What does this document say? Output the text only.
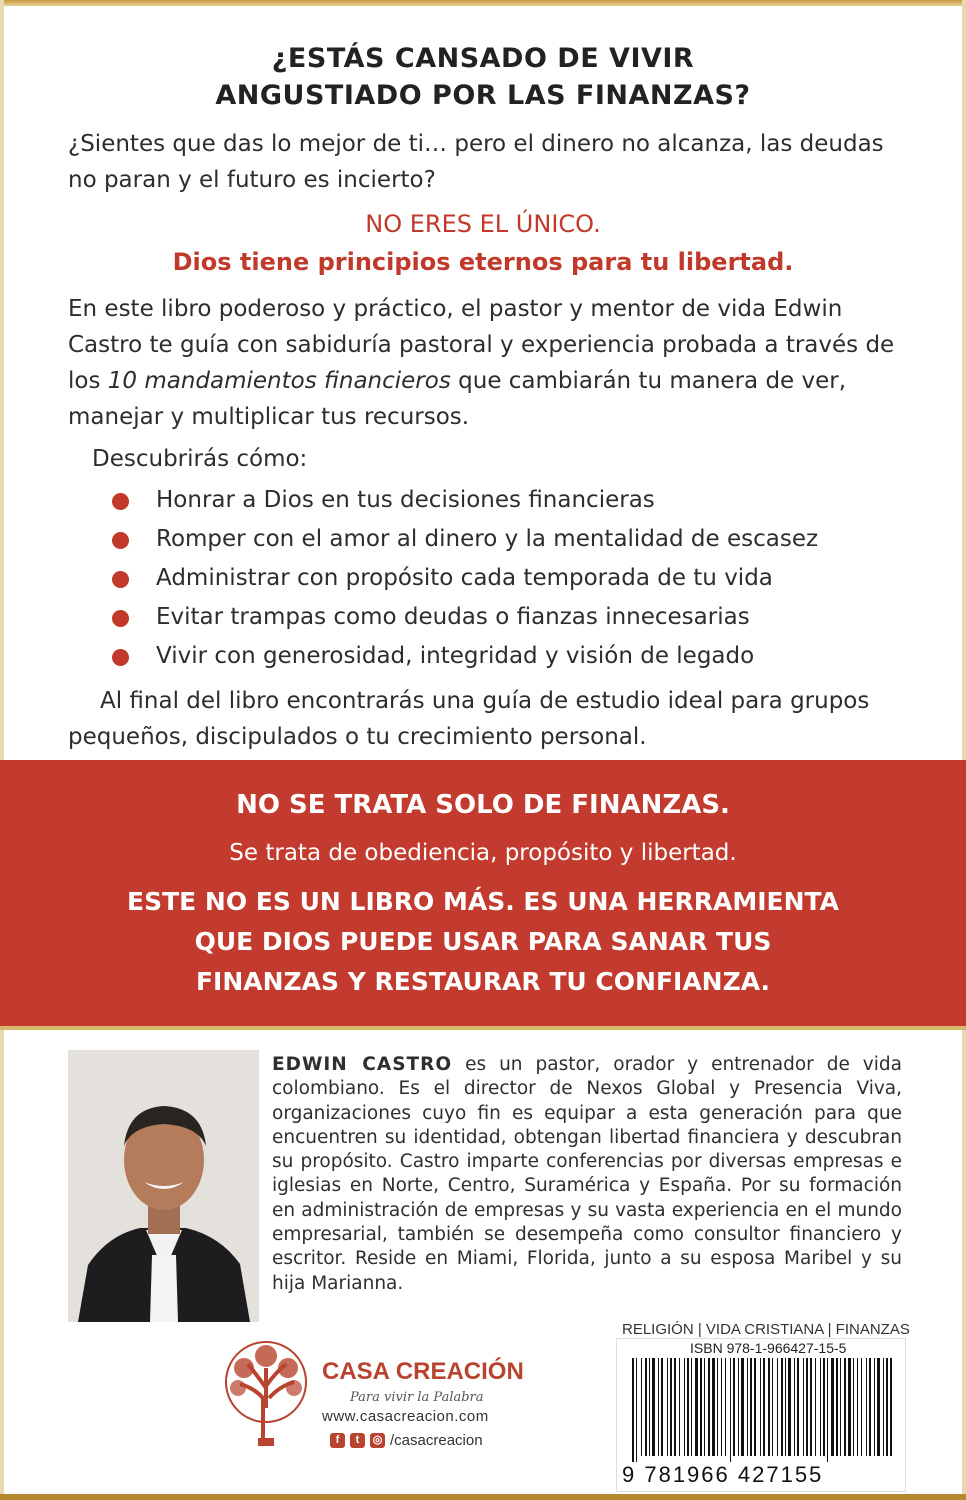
¿ESTÁS CANSADO DE VIVIR
ANGUSTIADO POR LAS FINANZAS?
¿Sientes que das lo mejor de ti… pero el dinero no alcanza, las deudas no paran y el futuro es incierto?
NO ERES EL ÚNICO.
Dios tiene principios eternos para tu libertad.
En este libro poderoso y práctico, el pastor y mentor de vida Edwin Castro te guía con sabiduría pastoral y experiencia probada a través de los 10 mandamientos financieros que cambiarán tu manera de ver, manejar y multiplicar tus recursos.
Descubrirás cómo:
Honrar a Dios en tus decisiones financieras
Romper con el amor al dinero y la mentalidad de escasez
Administrar con propósito cada temporada de tu vida
Evitar trampas como deudas o fianzas innecesarias
Vivir con generosidad, integridad y visión de legado
Al final del libro encontrarás una guía de estudio ideal para grupos pequeños, discipulados o tu crecimiento personal.
NO SE TRATA SOLO DE FINANZAS.
Se trata de obediencia, propósito y libertad.
ESTE NO ES UN LIBRO MÁS. ES UNA HERRAMIENTA
QUE DIOS PUEDE USAR PARA SANAR TUS
FINANZAS Y RESTAURAR TU CONFIANZA.
EDWIN CASTRO es un pastor, orador y entrenador de vida colombiano. Es el director de Nexos Global y Presencia Viva, organizaciones cuyo fin es equipar a esta generación para que encuentren su identidad, obtengan libertad financiera y descubran su propósito. Castro imparte conferencias por diversas empresas e iglesias en Norte, Centro, Suramérica y España. Por su formación en administración de empresas y su vasta experiencia en el mundo empresarial, también se desempeña como consultor financiero y escritor. Reside en Miami, Florida, junto a su esposa Maribel y su hija Marianna.
CASA CREACIÓN
Para vivir la Palabra
www.casacreacion.com
f	t	◎ /casacreacion
RELIGIÓN | VIDA CRISTIANA | FINANZAS
ISBN 978-1-966427-15-5
9 781966 427155
